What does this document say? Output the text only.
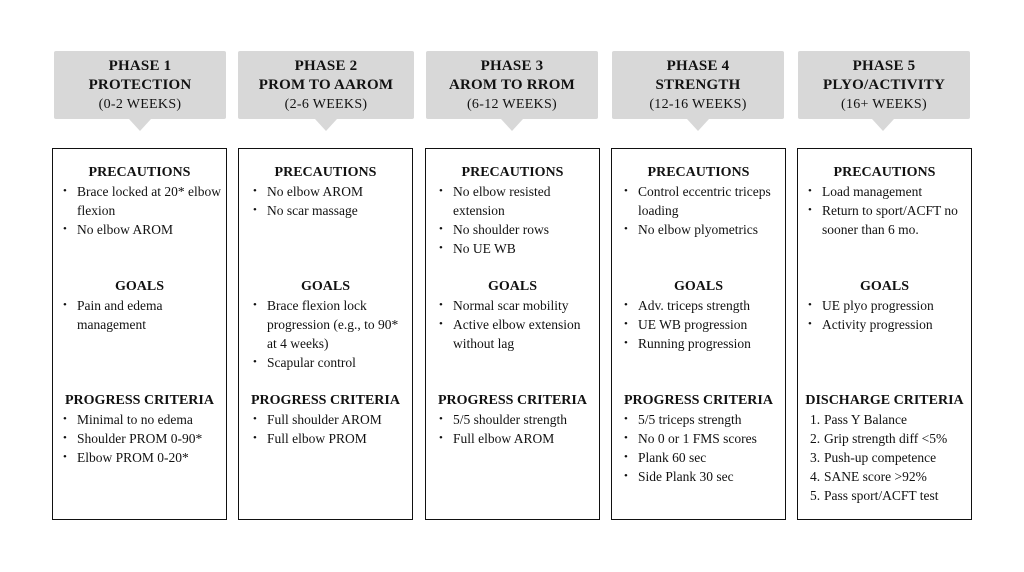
PHASE 1
PROTECTION
(0-2 WEEKS)
PRECAUTIONS
• Brace locked at 20* elbow flexion
• No elbow AROM
GOALS
• Pain and edema management
PROGRESS CRITERIA
• Minimal to no edema
• Shoulder PROM 0-90*
• Elbow PROM 0-20*
PHASE 2
PROM TO AAROM
(2-6 WEEKS)
PRECAUTIONS
• No elbow AROM
• No scar massage
GOALS
• Brace flexion lock progression (e.g., to 90* at 4 weeks)
• Scapular control
PROGRESS CRITERIA
• Full shoulder AROM
• Full elbow PROM
PHASE 3
AROM TO RROM
(6-12 WEEKS)
PRECAUTIONS
• No elbow resisted extension
• No shoulder rows
• No UE WB
GOALS
• Normal scar mobility
• Active elbow extension without lag
PROGRESS CRITERIA
• 5/5 shoulder strength
• Full elbow AROM
PHASE 4
STRENGTH
(12-16 WEEKS)
PRECAUTIONS
• Control eccentric triceps loading
• No elbow plyometrics
GOALS
• Adv. triceps strength
• UE WB progression
• Running progression
PROGRESS CRITERIA
• 5/5 triceps strength
• No 0 or 1 FMS scores
• Plank 60 sec
• Side Plank 30 sec
PHASE 5
PLYO/ACTIVITY
(16+ WEEKS)
PRECAUTIONS
• Load management
• Return to sport/ACFT no sooner than 6 mo.
GOALS
• UE plyo progression
• Activity progression
DISCHARGE CRITERIA
1. Pass Y Balance
2. Grip strength diff <5%
3. Push-up competence
4. SANE score >92%
5. Pass sport/ACFT test
